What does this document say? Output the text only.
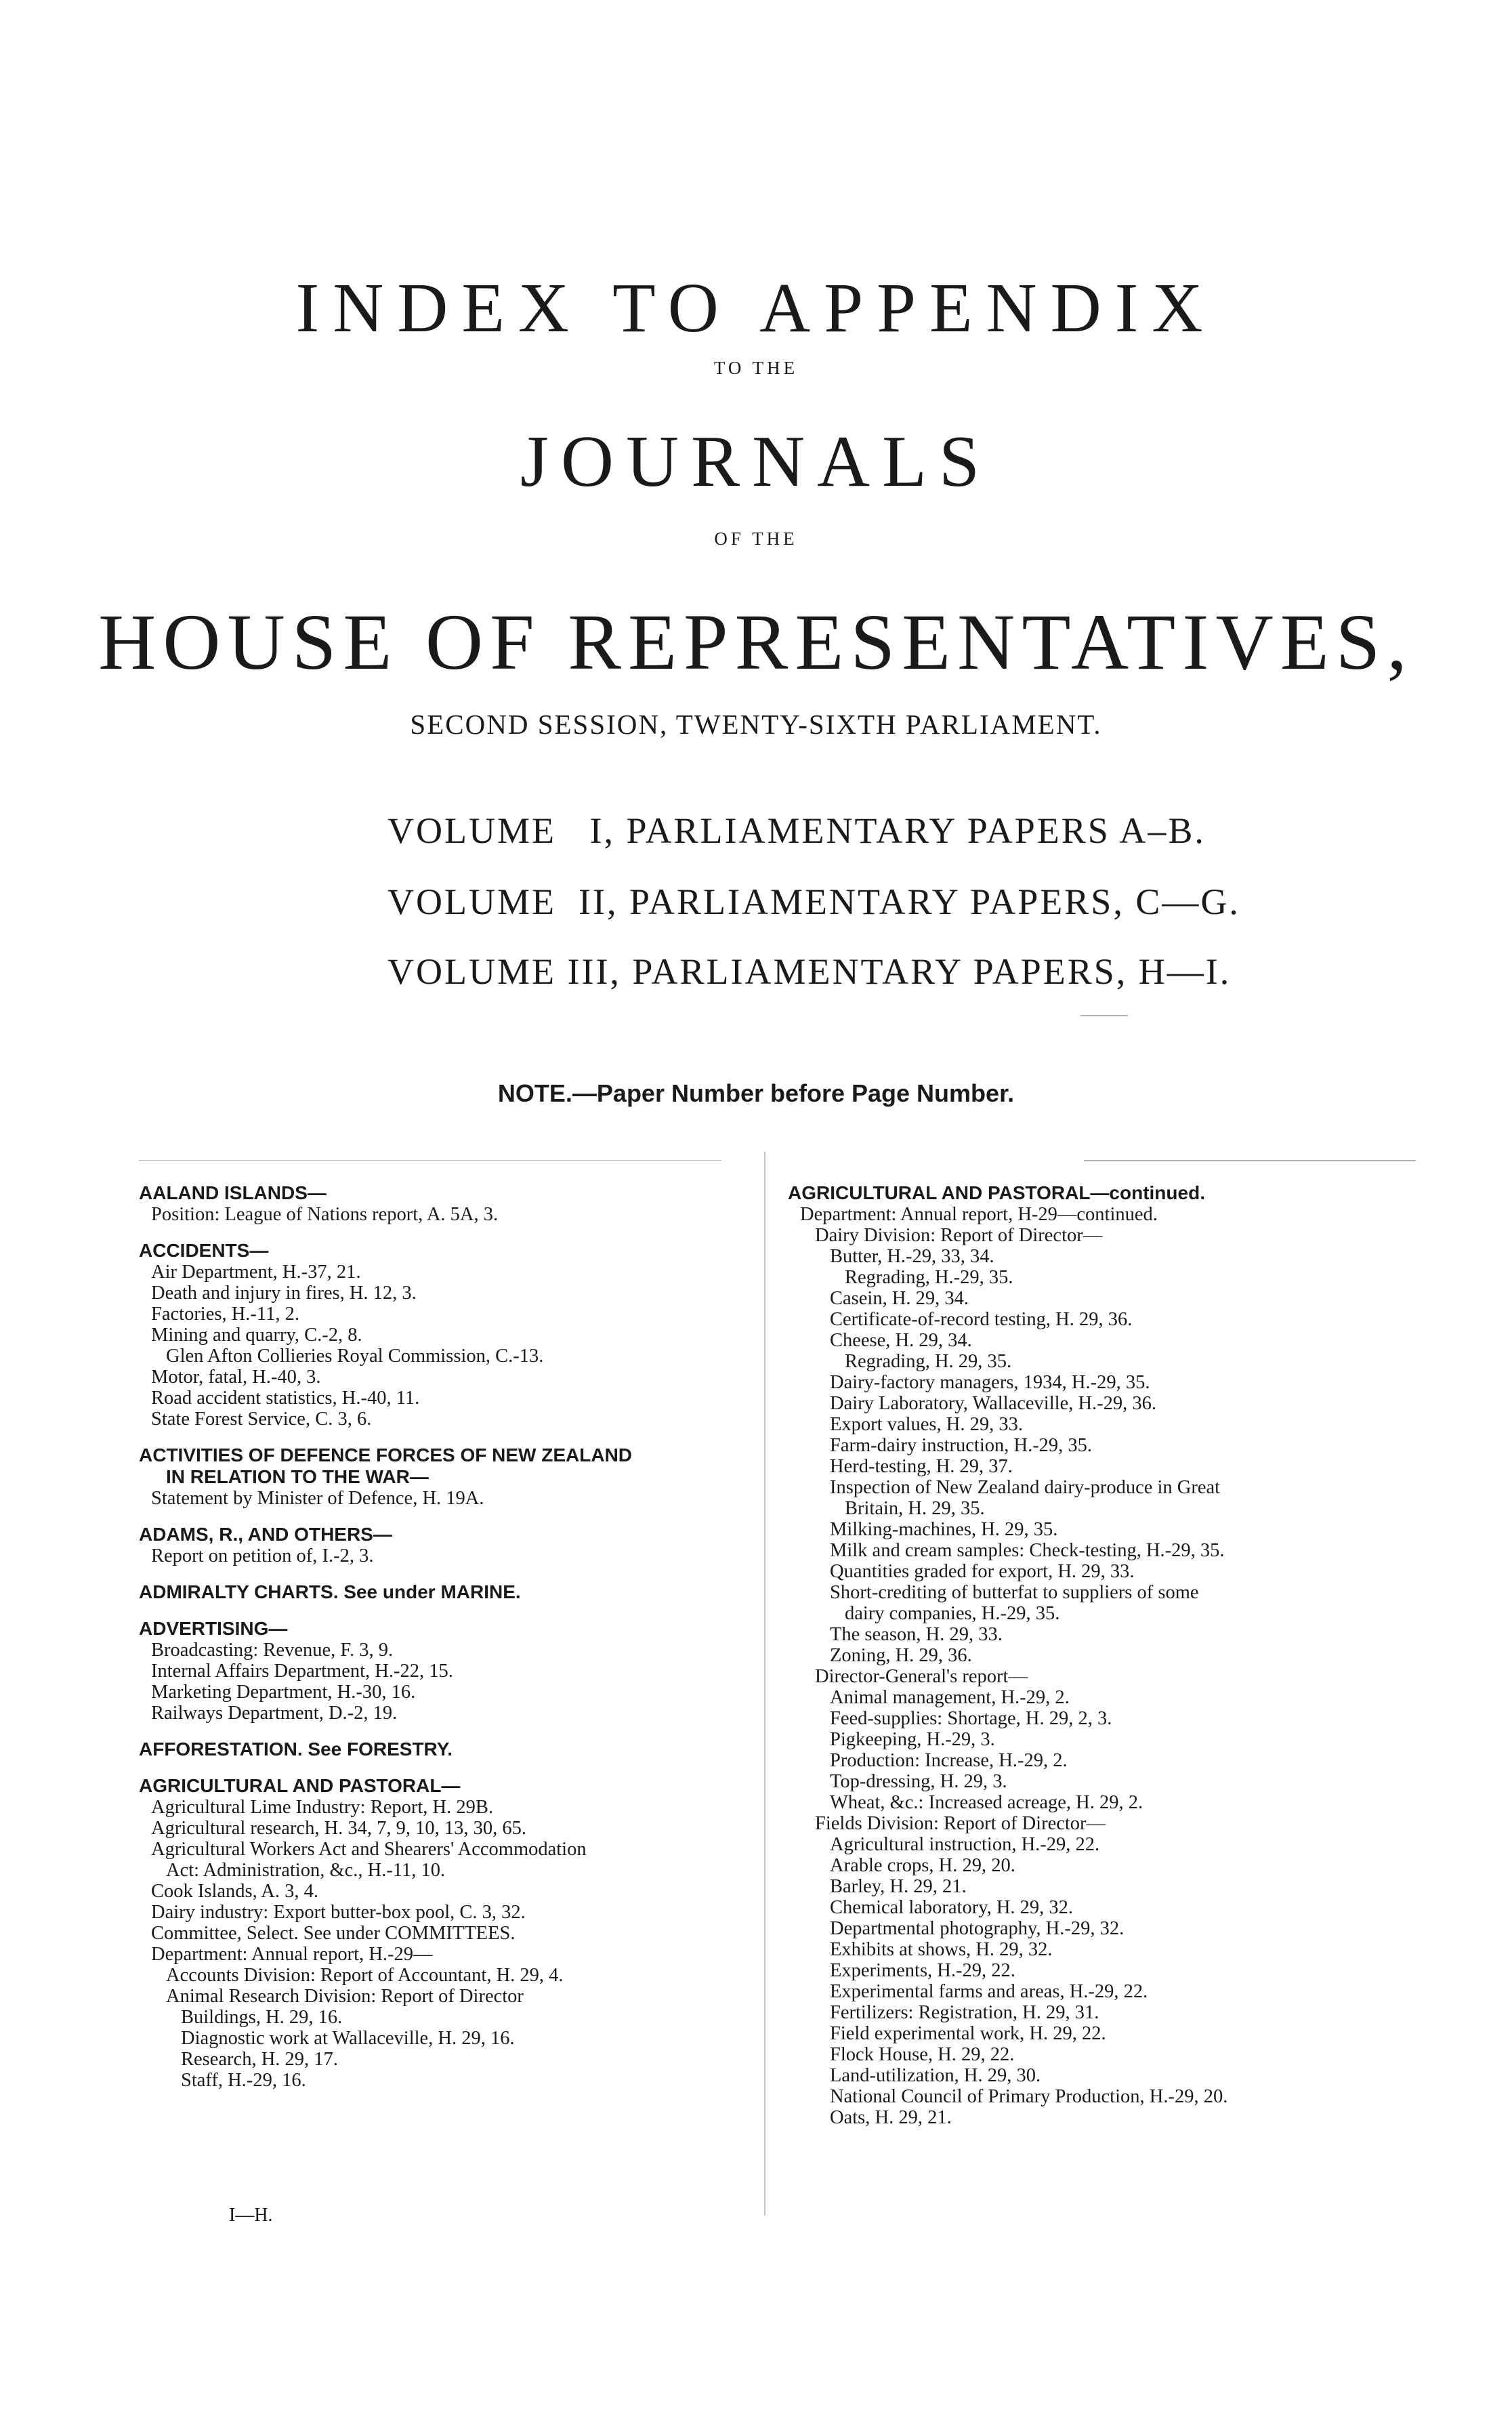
INDEX TO APPENDIX
TO THE
JOURNALS
OF THE
HOUSE OF REPRESENTATIVES,
SECOND SESSION, TWENTY-SIXTH PARLIAMENT.
VOLUME   I, PARLIAMENTARY PAPERS A–B.
VOLUME  II, PARLIAMENTARY PAPERS, C—G.
VOLUME III, PARLIAMENTARY PAPERS, H—I.
NOTE.—Paper Number before Page Number.
AALAND ISLANDS—
Position: League of Nations report, A. 5A, 3.
ACCIDENTS—
Air Department, H.-37, 21.
Death and injury in fires, H. 12, 3.
Factories, H.-11, 2.
Mining and quarry, C.-2, 8.
Glen Afton Collieries Royal Commission, C.-13.
Motor, fatal, H.-40, 3.
Road accident statistics, H.-40, 11.
State Forest Service, C. 3, 6.
ACTIVITIES OF DEFENCE FORCES OF NEW ZEALAND
IN RELATION TO THE WAR—
Statement by Minister of Defence, H. 19A.
ADAMS, R., AND OTHERS—
Report on petition of, I.-2, 3.
ADMIRALTY CHARTS. See under MARINE.
ADVERTISING—
Broadcasting: Revenue, F. 3, 9.
Internal Affairs Department, H.-22, 15.
Marketing Department, H.-30, 16.
Railways Department, D.-2, 19.
AFFORESTATION. See FORESTRY.
AGRICULTURAL AND PASTORAL—
Agricultural Lime Industry: Report, H. 29B.
Agricultural research, H. 34, 7, 9, 10, 13, 30, 65.
Agricultural Workers Act and Shearers' Accommodation
Act: Administration, &c., H.-11, 10.
Cook Islands, A. 3, 4.
Dairy industry: Export butter-box pool, C. 3, 32.
Committee, Select. See under COMMITTEES.
Department: Annual report, H.-29—
Accounts Division: Report of Accountant, H. 29, 4.
Animal Research Division: Report of Director
Buildings, H. 29, 16.
Diagnostic work at Wallaceville, H. 29, 16.
Research, H. 29, 17.
Staff, H.-29, 16.
AGRICULTURAL AND PASTORAL—continued.
Department: Annual report, H-29—continued.
Dairy Division: Report of Director—
Butter, H.-29, 33, 34.
Regrading, H.-29, 35.
Casein, H. 29, 34.
Certificate-of-record testing, H. 29, 36.
Cheese, H. 29, 34.
Regrading, H. 29, 35.
Dairy-factory managers, 1934, H.-29, 35.
Dairy Laboratory, Wallaceville, H.-29, 36.
Export values, H. 29, 33.
Farm-dairy instruction, H.-29, 35.
Herd-testing, H. 29, 37.
Inspection of New Zealand dairy-produce in Great
Britain, H. 29, 35.
Milking-machines, H. 29, 35.
Milk and cream samples: Check-testing, H.-29, 35.
Quantities graded for export, H. 29, 33.
Short-crediting of butterfat to suppliers of some
dairy companies, H.-29, 35.
The season, H. 29, 33.
Zoning, H. 29, 36.
Director-General's report—
Animal management, H.-29, 2.
Feed-supplies: Shortage, H. 29, 2, 3.
Pigkeeping, H.-29, 3.
Production: Increase, H.-29, 2.
Top-dressing, H. 29, 3.
Wheat, &c.: Increased acreage, H. 29, 2.
Fields Division: Report of Director—
Agricultural instruction, H.-29, 22.
Arable crops, H. 29, 20.
Barley, H. 29, 21.
Chemical laboratory, H. 29, 32.
Departmental photography, H.-29, 32.
Exhibits at shows, H. 29, 32.
Experiments, H.-29, 22.
Experimental farms and areas, H.-29, 22.
Fertilizers: Registration, H. 29, 31.
Field experimental work, H. 29, 22.
Flock House, H. 29, 22.
Land-utilization, H. 29, 30.
National Council of Primary Production, H.-29, 20.
Oats, H. 29, 21.
I—H.
